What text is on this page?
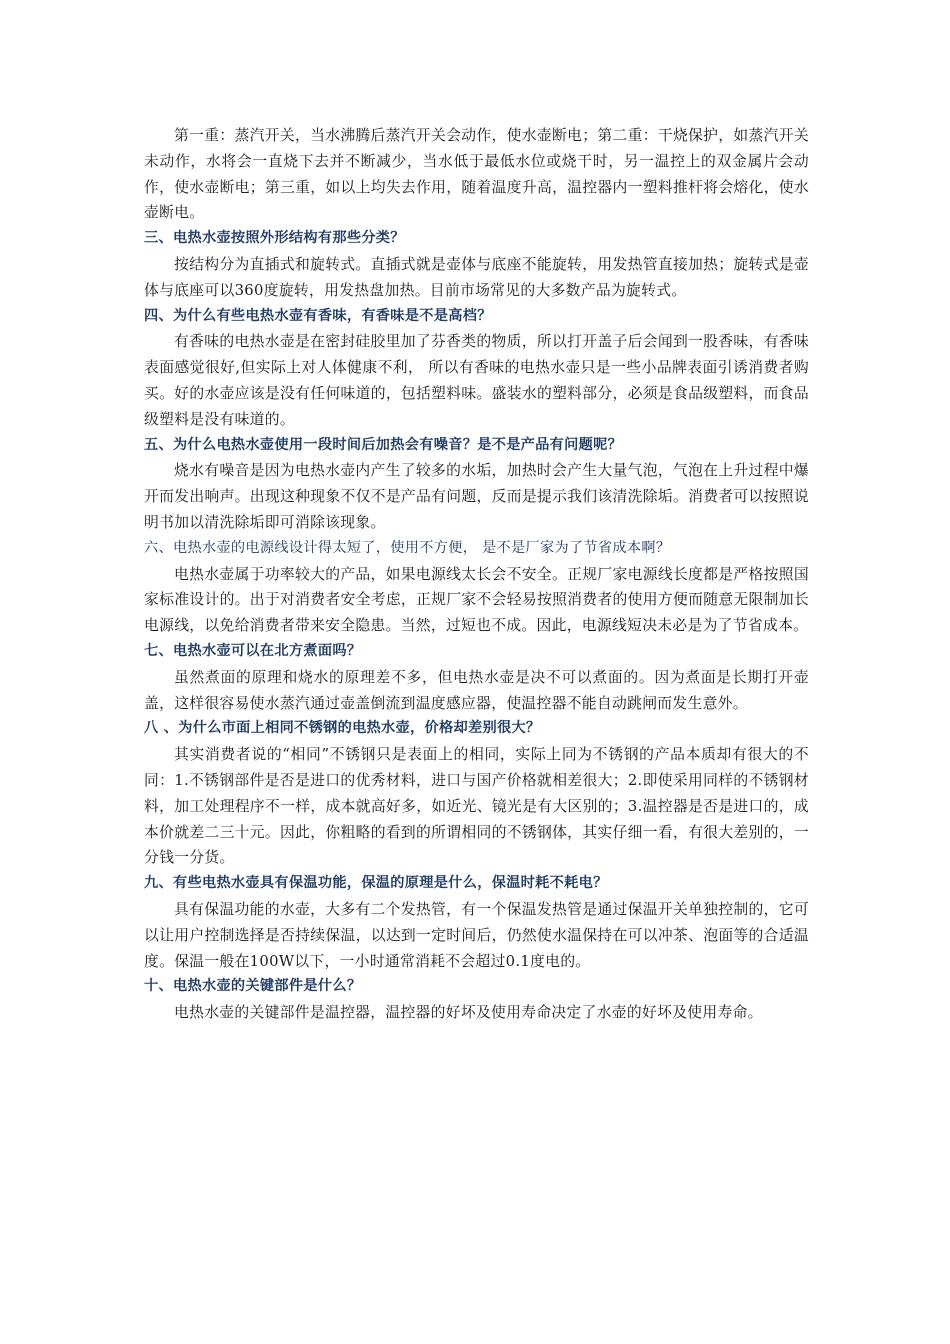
第一重：蒸汽开关，当水沸腾后蒸汽开关会动作，使水壶断电；第二重：干烧保护，如蒸汽开关未动作，水将会一直烧下去并不断减少，当水低于最低水位或烧干时，另一温控上的双金属片会动作，使水壶断电；第三重，如以上均失去作用，随着温度升高，温控器内一塑料推杆将会熔化，使水壶断电。

三、电热水壶按照外形结构有那些分类？

按结构分为直插式和旋转式。直插式就是壶体与底座不能旋转，用发热管直接加热；旋转式是壶体与底座可以360度旋转，用发热盘加热。目前市场常见的大多数产品为旋转式。

四、为什么有些电热水壶有香味，有香味是不是高档？

有香味的电热水壶是在密封硅胶里加了芬香类的物质，所以打开盖子后会闻到一股香味，有香味表面感觉很好,但实际上对人体健康不利， 所以有香味的电热水壶只是一些小品牌表面引诱消费者购买。好的水壶应该是没有任何味道的，包括塑料味。盛装水的塑料部分，必须是食品级塑料，而食品级塑料是没有味道的。

五、为什么电热水壶使用一段时间后加热会有噪音？是不是产品有问题呢？

烧水有噪音是因为电热水壶内产生了较多的水垢，加热时会产生大量气泡，气泡在上升过程中爆开而发出响声。出现这种现象不仅不是产品有问题，反而是提示我们该清洗除垢。消费者可以按照说明书加以清洗除垢即可消除该现象。

六、电热水壶的电源线设计得太短了，使用不方便， 是不是厂家为了节省成本啊？

电热水壶属于功率较大的产品，如果电源线太长会不安全。正规厂家电源线长度都是严格按照国家标准设计的。出于对消费者安全考虑，正规厂家不会轻易按照消费者的使用方便而随意无限制加长电源线，以免给消费者带来安全隐患。当然，过短也不成。因此，电源线短决未必是为了节省成本。

七、电热水壶可以在北方煮面吗？

虽然煮面的原理和烧水的原理差不多，但电热水壶是决不可以煮面的。因为煮面是长期打开壶盖，这样很容易使水蒸汽通过壶盖倒流到温度感应器，使温控器不能自动跳闸而发生意外。

八 、为什么市面上相同不锈钢的电热水壶，价格却差别很大？

其实消费者说的“相同”不锈钢只是表面上的相同，实际上同为不锈钢的产品本质却有很大的不同：1.不锈钢部件是否是进口的优秀材料，进口与国产价格就相差很大；2.即使采用同样的不锈钢材料，加工处理程序不一样，成本就高好多，如近光、镜光是有大区别的；3.温控器是否是进口的，成本价就差二三十元。因此，你粗略的看到的所谓相同的不锈钢体，其实仔细一看，有很大差别的，一分钱一分货。

九、有些电热水壶具有保温功能，保温的原理是什么，保温时耗不耗电？

具有保温功能的水壶，大多有二个发热管，有一个保温发热管是通过保温开关单独控制的，它可以让用户控制选择是否持续保温，以达到一定时间后，仍然使水温保持在可以冲茶、泡面等的合适温度。保温一般在100W以下，一小时通常消耗不会超过0.1度电的。

十、电热水壶的关键部件是什么？

电热水壶的关键部件是温控器，温控器的好坏及使用寿命决定了水壶的好坏及使用寿命。
